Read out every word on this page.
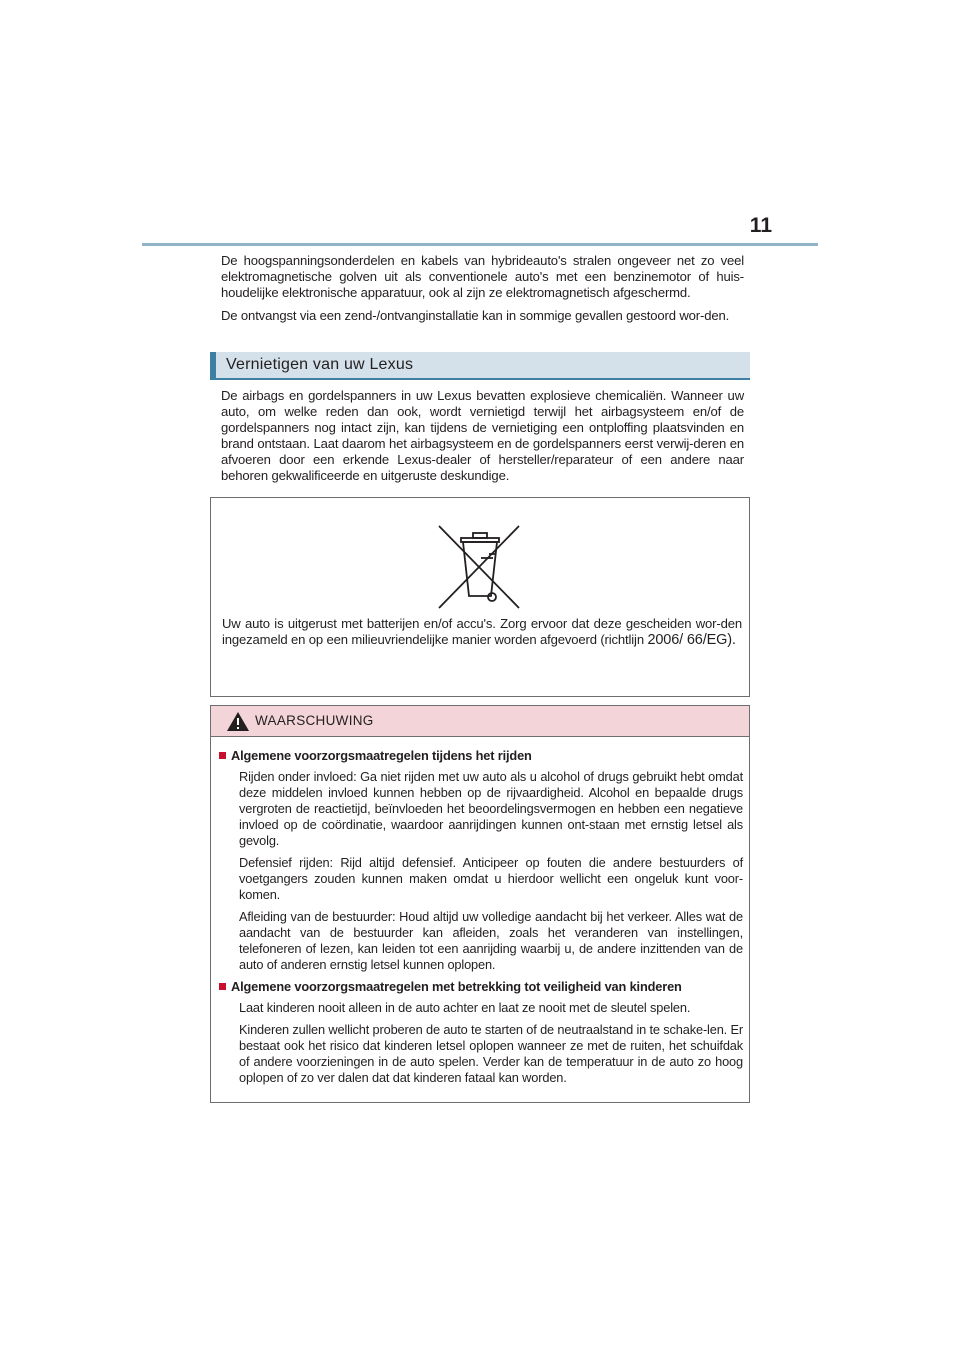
11

De hoogspanningsonderdelen en kabels van hybrideauto's stralen ongeveer net zo veel elektromagnetische golven uit als conventionele auto's met een benzinemotor of huis-houdelijke elektronische apparatuur, ook al zijn ze elektromagnetisch afgeschermd.

De ontvangst via een zend-/ontvanginstallatie kan in sommige gevallen gestoord wor-den.

Vernietigen van uw Lexus

De airbags en gordelspanners in uw Lexus bevatten explosieve chemicaliën. Wanneer uw auto, om welke reden dan ook, wordt vernietigd terwijl het airbagsysteem en/of de gordelspanners nog intact zijn, kan tijdens de vernietiging een ontploffing plaatsvinden en brand ontstaan. Laat daarom het airbagsysteem en de gordelspanners eerst verwij-deren en afvoeren door een erkende Lexus-dealer of hersteller/reparateur of een andere naar behoren gekwalificeerde en uitgeruste deskundige.

Uw auto is uitgerust met batterijen en/of accu's. Zorg ervoor dat deze gescheiden wor-den ingezameld en op een milieuvriendelijke manier worden afgevoerd (richtlijn 2006/ 66/EG).
WAARSCHUWING
Algemene voorzorgsmaatregelen tijdens het rijden

Rijden onder invloed: Ga niet rijden met uw auto als u alcohol of drugs gebruikt hebt omdat deze middelen invloed kunnen hebben op de rijvaardigheid. Alcohol en bepaalde drugs vergroten de reactietijd, beïnvloeden het beoordelingsvermogen en hebben een negatieve invloed op de coördinatie, waardoor aanrijdingen kunnen ont-staan met ernstig letsel als gevolg.

Defensief rijden: Rijd altijd defensief. Anticipeer op fouten die andere bestuurders of voetgangers zouden kunnen maken omdat u hierdoor wellicht een ongeluk kunt voor-komen.

Afleiding van de bestuurder: Houd altijd uw volledige aandacht bij het verkeer. Alles wat de aandacht van de bestuurder kan afleiden, zoals het veranderen van instellingen, telefoneren of lezen, kan leiden tot een aanrijding waarbij u, de andere inzittenden van de auto of anderen ernstig letsel kunnen oplopen.

Algemene voorzorgsmaatregelen met betrekking tot veiligheid van kinderen

Laat kinderen nooit alleen in de auto achter en laat ze nooit met de sleutel spelen.

Kinderen zullen wellicht proberen de auto te starten of de neutraalstand in te schake-len. Er bestaat ook het risico dat kinderen letsel oplopen wanneer ze met de ruiten, het schuifdak of andere voorzieningen in de auto spelen. Verder kan de temperatuur in de auto zo hoog oplopen of zo ver dalen dat dat kinderen fataal kan worden.
